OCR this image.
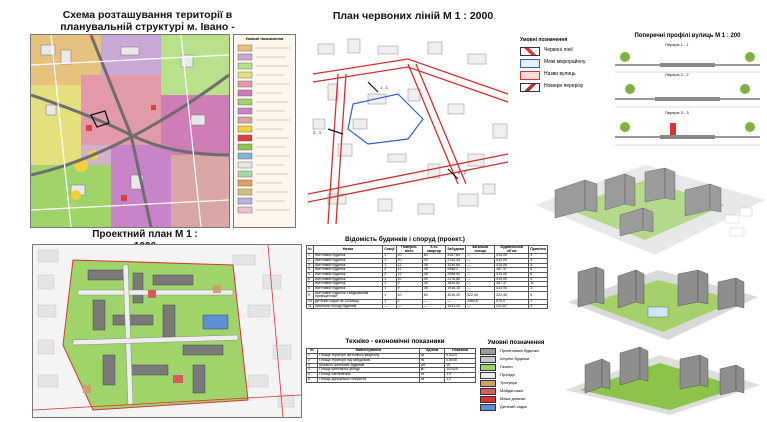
Схема розташування території в планувальній структурі м. Івано -
Умовні позначення
План червоних ліній М 1 : 2000
1 - 1
3 - 3
2 - 2
Умовні позначення
Червоні лінії
Межі мікрорайону
Назви вулиць
Номери перерізу
Поперечні профілі вулиць М 1 : 200
Переріз 1 - 1
Переріз 2 - 2
Переріз 3 - 3
Проектний план М 1 :	Відомість будинків і споруд (проект.)
№	Назва	Секції	Поверхо-вість	К-ть квартир	Забудови	Загальна площа	Будівельний об'єм	Примітка
1	Житловий будинок	1	10	64	4167,84	—	414,05	3
2	Житловий будинок	1	10	40	2743,43	—	414,05	3
3	Житловий будинок	1	12	48	3230,84	—	414,05	3
4	Житловий будинок	2	12	48	2988,2	—	387,37	6
5	Житловий будинок	2	12	48	2988,92	—	414,05	6
6	Житловий будинок	1	10	40	2178,88	—	414,05	3
7	Житловий будинок	1	9	36	1634,82	—	387,37	11
8	Житловий будинок	1	9	36	1916,15	—	414,05	3
9	Житловий будинок з вбудованим приміщенням	1	10	60	3016,20	322,40	322,40	5
10	Дитячий садок на 120місць	1	2	—	—	1364,8	570,0	1
11	Загальна площа будинків	—	—	—	1031,20	—	221,67	3
Техніко - економічні показники
№	Найменування	Од.вим	Показник
1	Площа території житлового кварталу	га	5,5324
2	Площа території під забудовою	га	0,8045
3	Кількість житлових будинків	шт	15
4	Площа житлового фонду	м²	102425
5	Площа озеленення	га	1,9
6	Площа дорожнього покриття	га	1,2
Умовні позначення
Проектовані будинки
Існуючі будинки
Газони
Проїзди
Тротуари
Майданчики
Межа ділянки
Дитячий садок
